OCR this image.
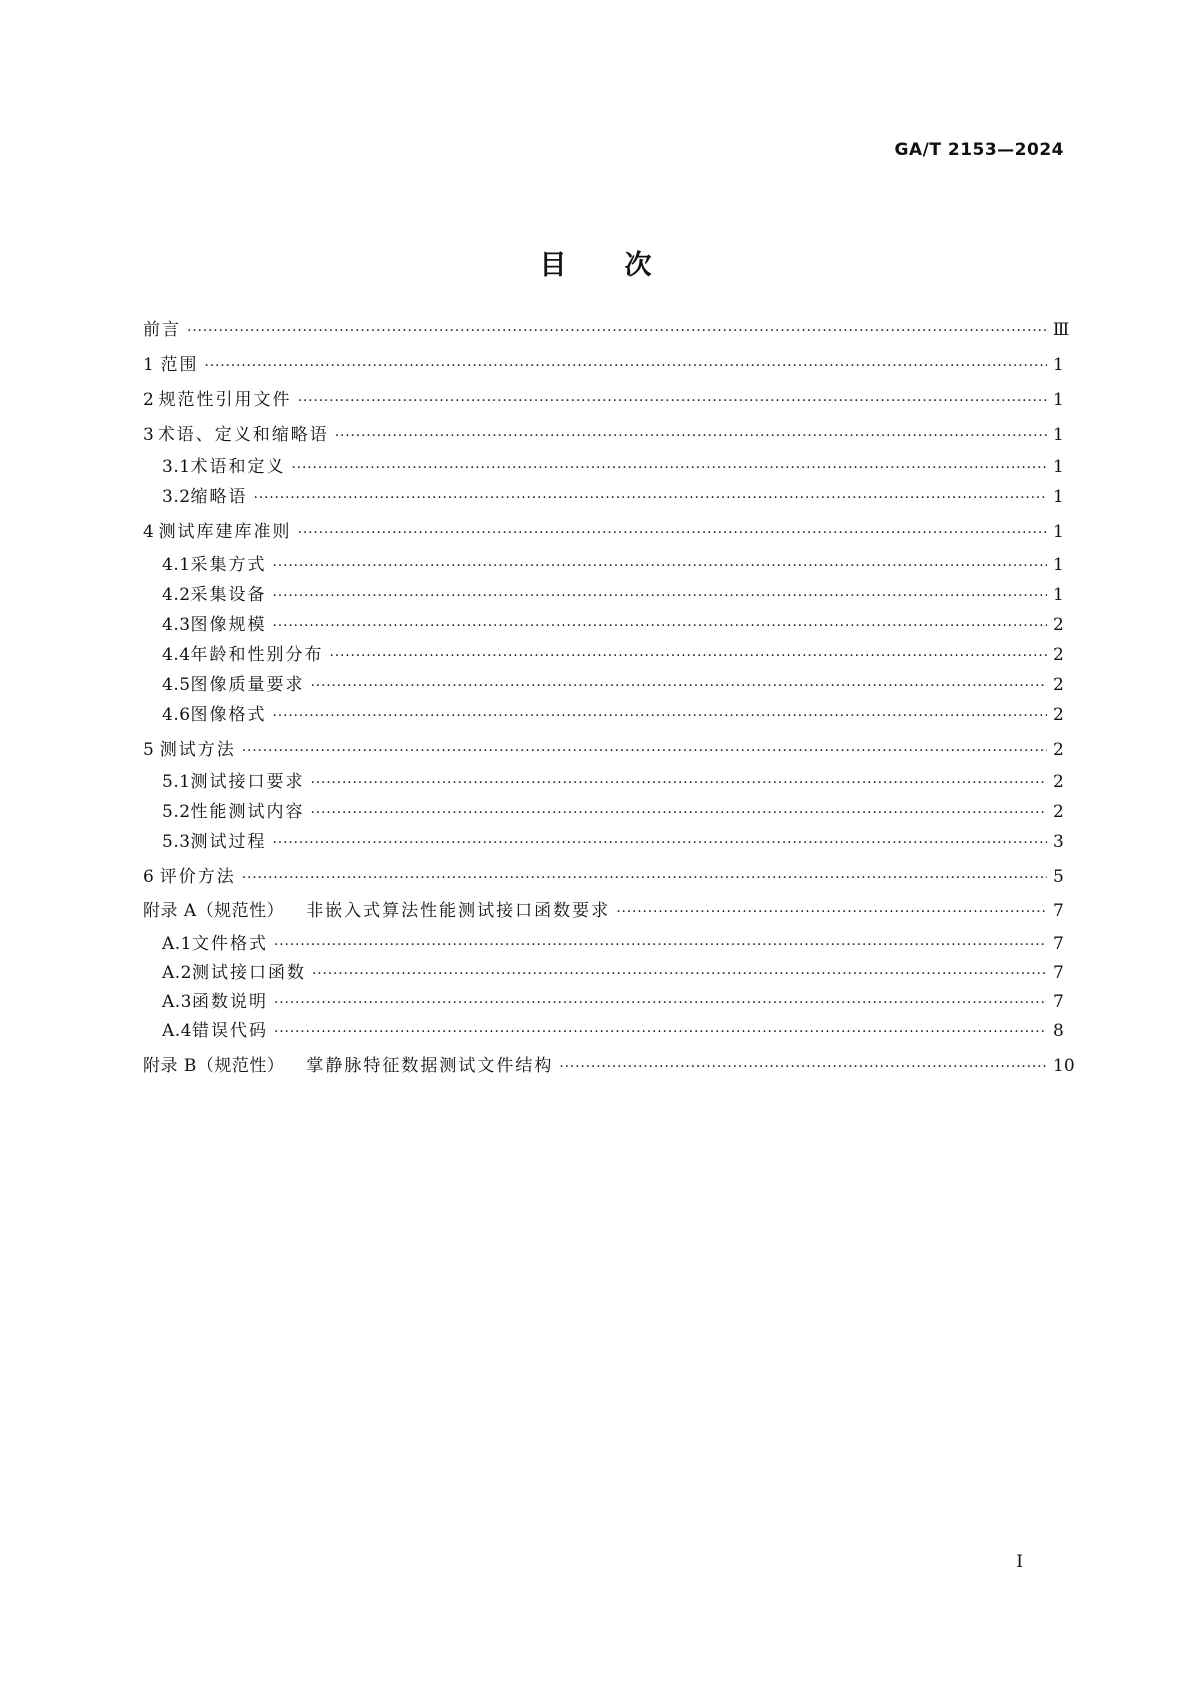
GA/T 2153—2024
目次
前言 ·····	Ⅲ
1 范围 ·····	1
2 规范性引用文件 ·····	1
3 术语、定义和缩略语 ·····	1
3.1 术语和定义 ·····	1
3.2 缩略语 ·····	1
4 测试库建库准则 ·····	1
4.1 采集方式 ·····	1
4.2 采集设备 ·····	1
4.3 图像规模 ·····	2
4.4 年龄和性别分布 ·····	2
4.5 图像质量要求 ·····	2
4.6 图像格式 ·····	2
5 测试方法 ·····	2
5.1 测试接口要求 ·····	2
5.2 性能测试内容 ·····	2
5.3 测试过程 ·····	3
6 评价方法 ·····	5
附录 A（规范性） 非嵌入式算法性能测试接口函数要求 ·····	7
A.1 文件格式 ·····	7
A.2 测试接口函数 ·····	7
A.3 函数说明 ·····	7
A.4 错误代码 ·····	8
附录 B（规范性） 掌静脉特征数据测试文件结构 ·····	10
I
